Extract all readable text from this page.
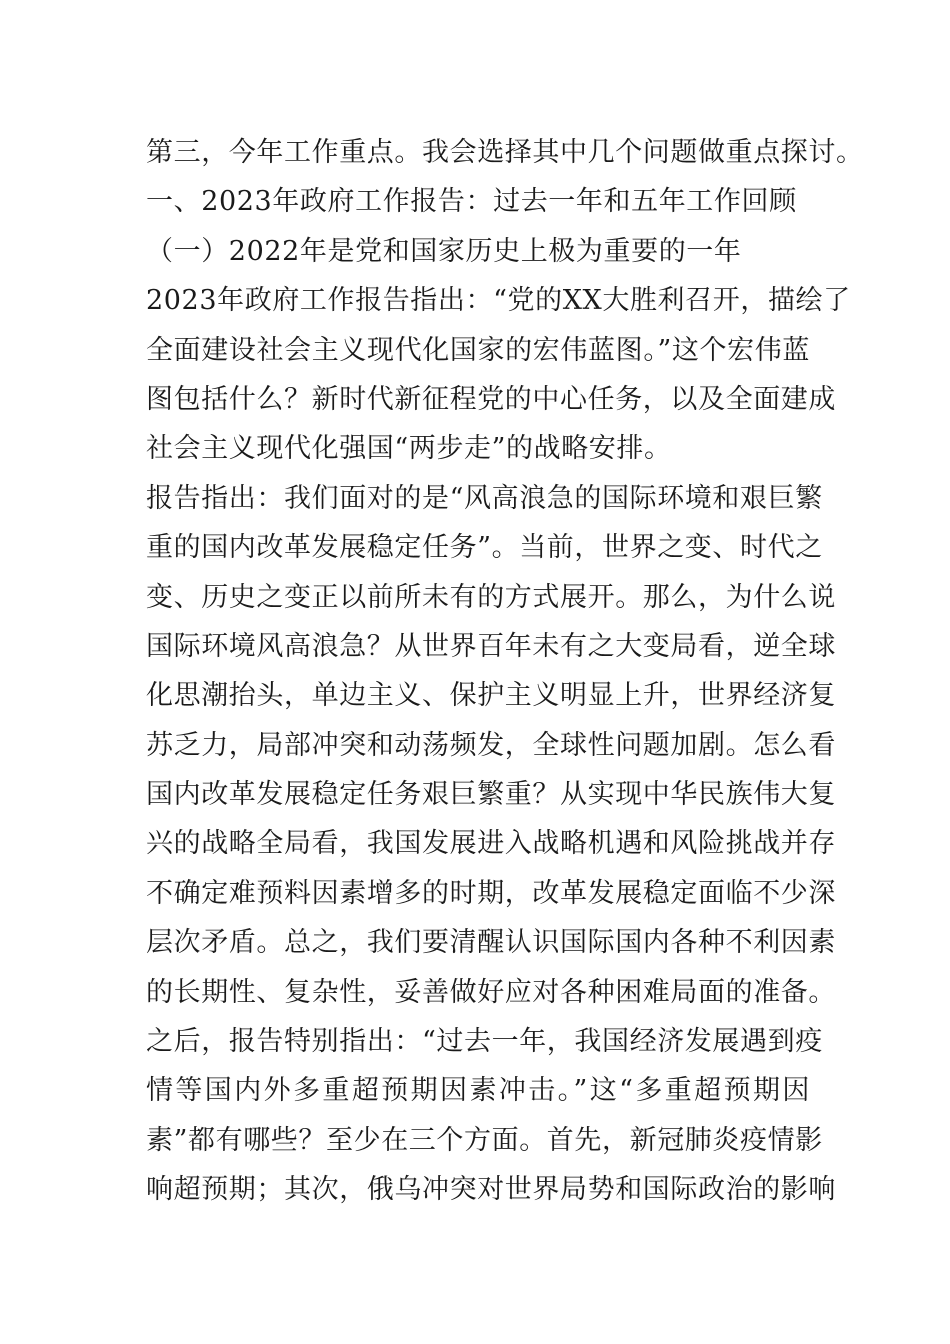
第三，今年工作重点。我会选择其中几个问题做重点探讨。
一、2023年政府工作报告：过去一年和五年工作回顾
（一）2022年是党和国家历史上极为重要的一年
2023年政府工作报告指出：“党的XX大胜利召开，描绘了
全面建设社会主义现代化国家的宏伟蓝图。”这个宏伟蓝
图包括什么？新时代新征程党的中心任务，以及全面建成
社会主义现代化强国“两步走”的战略安排。
报告指出：我们面对的是“风高浪急的国际环境和艰巨繁
重的国内改革发展稳定任务”。当前，世界之变、时代之
变、历史之变正以前所未有的方式展开。那么，为什么说
国际环境风高浪急？从世界百年未有之大变局看，逆全球
化思潮抬头，单边主义、保护主义明显上升，世界经济复
苏乏力，局部冲突和动荡频发，全球性问题加剧。怎么看
国内改革发展稳定任务艰巨繁重？从实现中华民族伟大复
兴的战略全局看，我国发展进入战略机遇和风险挑战并存
不确定难预料因素增多的时期，改革发展稳定面临不少深
层次矛盾。总之，我们要清醒认识国际国内各种不利因素
的长期性、复杂性，妥善做好应对各种困难局面的准备。
之后，报告特别指出：“过去一年，我国经济发展遇到疫
情等国内外多重超预期因素冲击。”这“多重超预期因
素”都有哪些？至少在三个方面。首先，新冠肺炎疫情影
响超预期；其次，俄乌冲突对世界局势和国际政治的影响
